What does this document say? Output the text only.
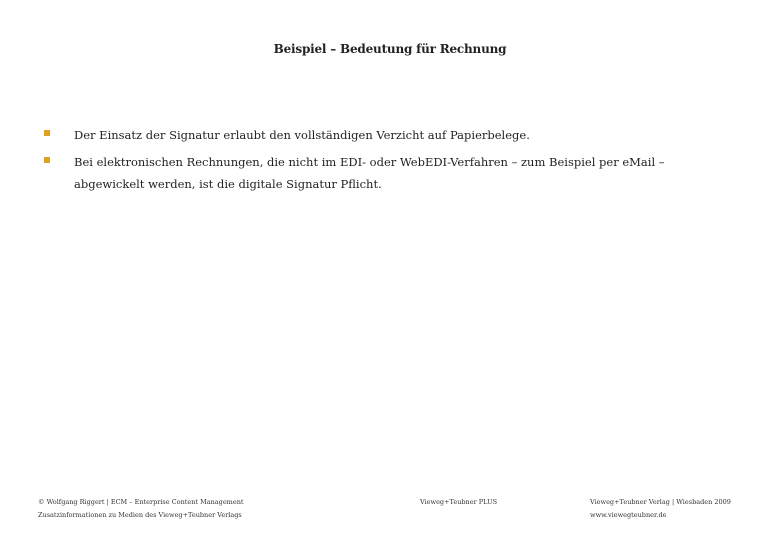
Beispiel – Bedeutung für Rechnung
Der Einsatz der Signatur erlaubt den vollständigen Verzicht auf Papierbelege.
Bei elektronischen Rechnungen, die nicht im EDI- oder WebEDI-Verfahren – zum Beispiel per eMail – abgewickelt werden, ist die digitale Signatur Pflicht.
© Wolfgang Riggert | ECM – Enterprise Content Management
Zusatzinformationen zu Medien des Vieweg+Teubner Verlags
Vieweg+Teubner PLUS	Vieweg+Teubner Verlag | Wiesbaden 2009
www.viewegteubner.de
